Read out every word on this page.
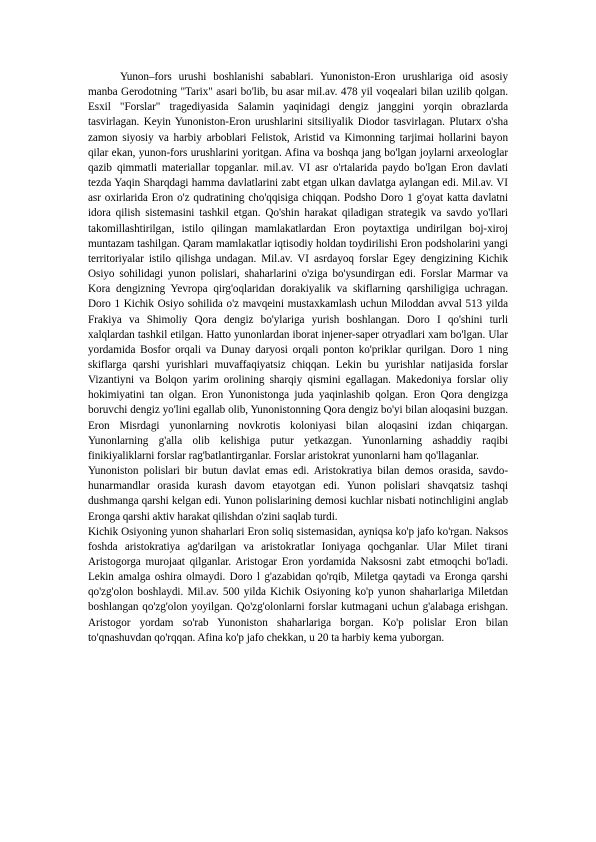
Yunon–fors urushi boshlanishi sabablari. Yunoniston-Eron urushlariga oid asosiy manba Gerodotning "Tarix" asari bo'lib, bu asar mil.av. 478 yil voqealari bilan uzilib qolgan. Esxil "Forslar" tragediyasida Salamin yaqinidagi dengiz janggini yorqin obrazlarda tasvirlagan. Keyin Yunoniston-Eron urushlarini sitsiliyalik Diodor tasvirlagan. Plutarx o'sha zamon siyosiy va harbiy arboblari Felistok, Aristid va Kimonning tarjimai hollarini bayon qilar ekan, yunon-fors urushlarini yoritgan. Afina va boshqa jang bo'lgan joylarni arxeologlar qazib qimmatli materiallar topganlar. mil.av. VI asr o'rtalarida paydo bo'lgan Eron davlati tezda Yaqin Sharqdagi hamma davlatlarini zabt etgan ulkan davlatga aylangan edi. Mil.av. VI asr oxirlarida Eron o'z qudratining cho'qqisiga chiqqan. Podsho Doro 1 g'oyat katta davlatni idora qilish sistemasini tashkil etgan. Qo'shin harakat qiladigan strategik va savdo yo'llari takomillashtirilgan, istilo qilingan mamlakatlardan Eron poytaxtiga undirilgan boj-xiroj muntazam tashilgan. Qaram mamlakatlar iqtisodiy holdan toydirilishi Eron podsholarini yangi territoriyalar istilo qilishga undagan. Mil.av. VI asrdayoq forslar Egey dengizining Kichik Osiyo sohilidagi yunon polislari, shaharlarini o'ziga bo'ysundirgan edi. Forslar Marmar va Kora dengizning Yevropa qirg'oqlaridan dorakiyalik va skiflarning qarshiligiga uchragan. Doro 1 Kichik Osiyo sohilida o'z mavqeini mustaxkamlash uchun Miloddan avval 513 yilda Frakiya va Shimoliy Qora dengiz bo'ylariga yurish boshlangan. Doro I qo'shini turli xalqlardan tashkil etilgan. Hatto yunonlardan iborat injener-saper otryadlari xam bo'lgan. Ular yordamida Bosfor orqali va Dunay daryosi orqali ponton ko'priklar qurilgan. Doro 1 ning skiflarga qarshi yurishlari muvaffaqiyatsiz chiqqan. Lekin bu yurishlar natijasida forslar Vizantiyni va Bolqon yarim orolining sharqiy qismini egallagan. Makedoniya forslar oliy hokimiyatini tan olgan. Eron Yunonistonga juda yaqinlashib qolgan. Eron Qora dengizga boruvchi dengiz yo'lini egallab olib, Yunonistonning Qora dengiz bo'yi bilan aloqasini buzgan. Eron Misrdagi yunonlarning novkrotis koloniyasi bilan aloqasini izdan chiqargan. Yunonlarning g'alla olib kelishiga putur yetkazgan. Yunonlarning ashaddiy raqibi finikiyaliklarni forslar rag'batlantirganlar. Forslar aristokrat yunonlarni ham qo'llaganlar.

Yunoniston polislari bir butun davlat emas edi. Aristokratiya bilan demos orasida, savdo-hunarmandlar orasida kurash davom etayotgan edi. Yunon polislari shavqatsiz tashqi dushmanga qarshi kelgan edi. Yunon polislarining demosi kuchlar nisbati notinchligini anglab Eronga qarshi aktiv harakat qilishdan o'zini saqlab turdi.

Kichik Osiyoning yunon shaharlari Eron soliq sistemasidan, ayniqsa ko'p jafo ko'rgan. Naksos foshda aristokratiya ag'darilgan va aristokratlar Ioniyaga qochganlar. Ular Milet tirani Aristogorga murojaat qilganlar. Aristogar Eron yordamida Naksosni zabt etmoqchi bo'ladi. Lekin amalga oshira olmaydi. Doro l g'azabidan qo'rqib, Miletga qaytadi va Eronga qarshi qo'zg'olon boshlaydi. Mil.av. 500 yilda Kichik Osiyoning ko'p yunon shaharlariga Miletdan boshlangan qo'zg'olon yoyilgan. Qo'zg'olonlarni forslar kutmagani uchun g'alabaga erishgan. Aristogor yordam so'rab Yunoniston shaharlariga borgan. Ko'p polislar Eron bilan to'qnashuvdan qo'rqqan. Afina ko'p jafo chekkan, u 20 ta harbiy kema yuborgan.
